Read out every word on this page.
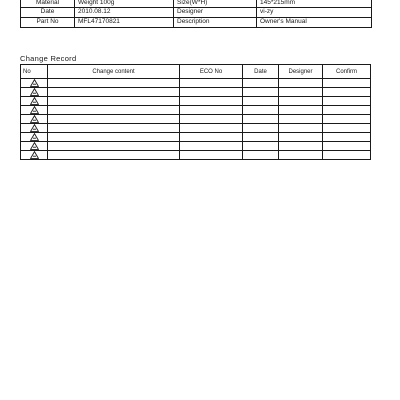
Material	Weight 100g	Size(W*H)	145*215mm
Date	2010.08.12	Designer	vi-zy
Part No	MFL47170821	Description	Owner's Manual
Change Record
No	Change content	ECO No	Date	Designer	Confirm
